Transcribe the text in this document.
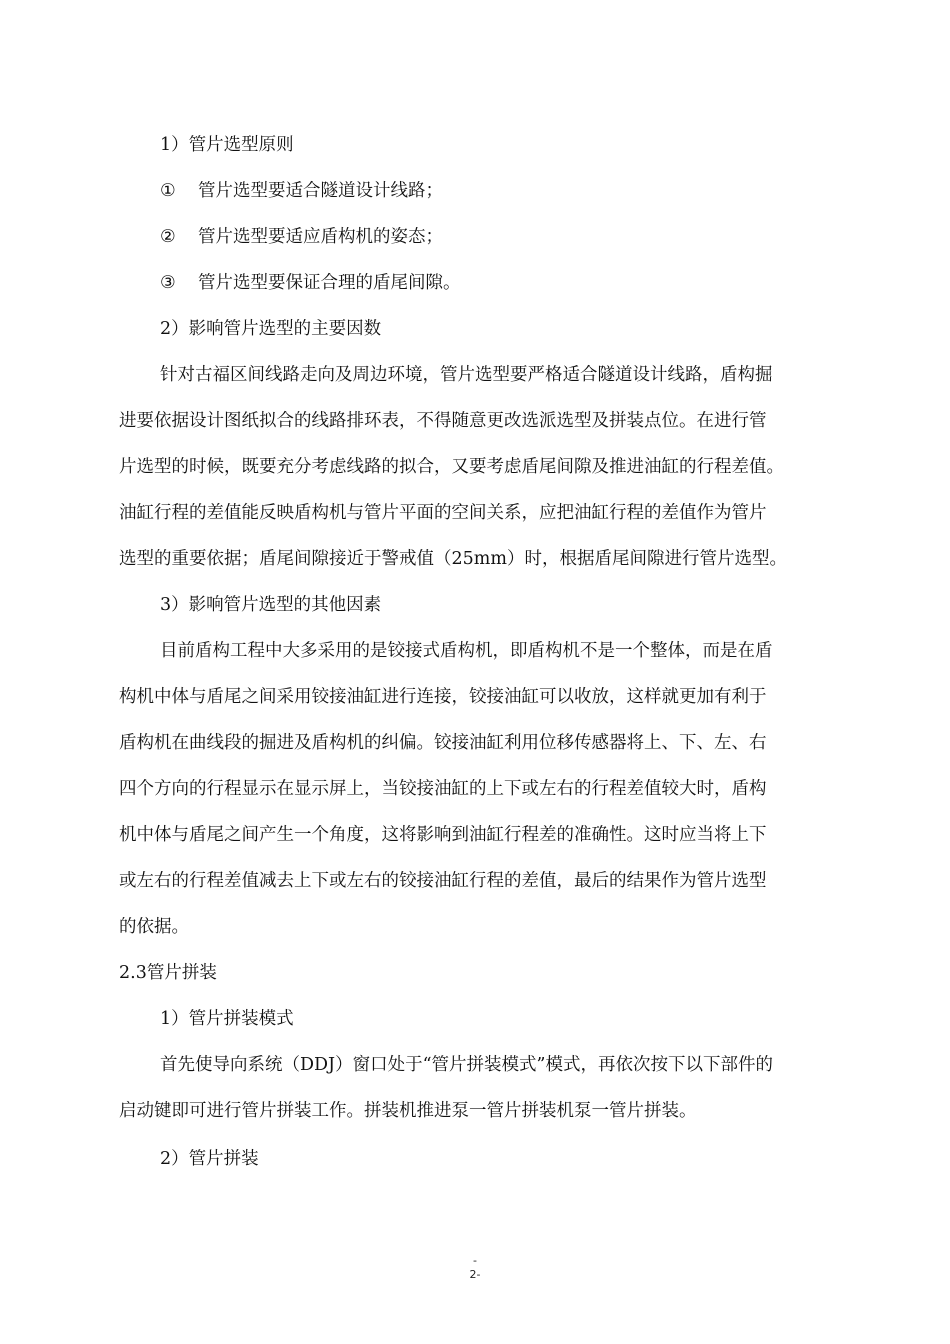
1）管片选型原则
① 管片选型要适合隧道设计线路；
② 管片选型要适应盾构机的姿态；
③ 管片选型要保证合理的盾尾间隙。
2）影响管片选型的主要因数
针对古福区间线路走向及周边环境，管片选型要严格适合隧道设计线路，盾构掘
进要依据设计图纸拟合的线路排环表，不得随意更改选派选型及拼装点位。在进行管
片选型的时候，既要充分考虑线路的拟合，又要考虑盾尾间隙及推进油缸的行程差值。
油缸行程的差值能反映盾构机与管片平面的空间关系，应把油缸行程的差值作为管片
选型的重要依据；盾尾间隙接近于警戒值（25mm）时，根据盾尾间隙进行管片选型。
3）影响管片选型的其他因素
目前盾构工程中大多采用的是铰接式盾构机，即盾构机不是一个整体，而是在盾
构机中体与盾尾之间采用铰接油缸进行连接，铰接油缸可以收放，这样就更加有利于
盾构机在曲线段的掘进及盾构机的纠偏。铰接油缸利用位移传感器将上、下、左、右
四个方向的行程显示在显示屏上，当铰接油缸的上下或左右的行程差值较大时，盾构
机中体与盾尾之间产生一个角度，这将影响到油缸行程差的准确性。这时应当将上下
或左右的行程差值减去上下或左右的铰接油缸行程的差值，最后的结果作为管片选型
的依据。
2.3管片拼装
1）管片拼装模式
首先使导向系统（DDJ）窗口处于“管片拼装模式”模式，再依次按下以下部件的
启动键即可进行管片拼装工作。拼装机推进泵一管片拼装机泵一管片拼装。
2）管片拼装
-
2-
